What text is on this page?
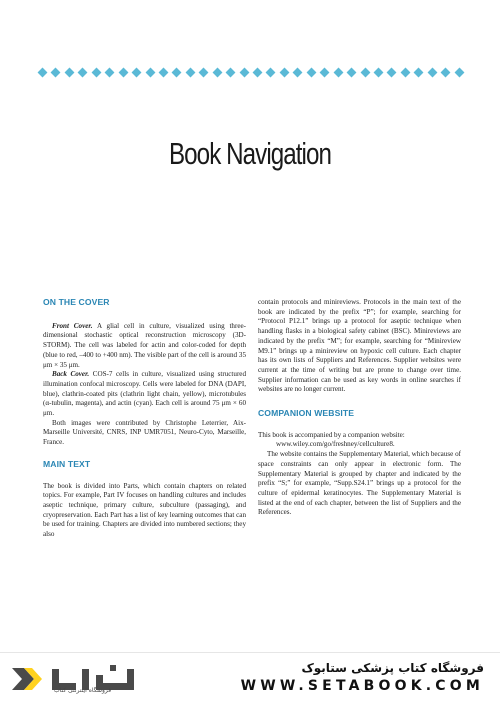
Book Navigation
ON THE COVER

Front Cover. A glial cell in culture, visualized using three-dimensional stochastic optical reconstruction microscopy (3D-STORM). The cell was labeled for actin and color-coded for depth (blue to red, –400 to +400 nm). The visible part of the cell is around 35 μm × 35 μm.

Back Cover. COS-7 cells in culture, visualized using structured illumination confocal microscopy. Cells were labeled for DNA (DAPI, blue), clathrin-coated pits (clathrin light chain, yellow), microtubules (α-tubulin, magenta), and actin (cyan). Each cell is around 75 μm × 60 μm.

Both images were contributed by Christophe Leterrier, Aix-Marseille Université, CNRS, INP UMR7051, Neuro-Cyto, Marseille, France.

MAIN TEXT

The book is divided into Parts, which contain chapters on related topics. For example, Part IV focuses on handling cultures and includes aseptic technique, primary culture, subculture (passaging), and cryopreservation. Each Part has a list of key learning outcomes that can be used for training. Chapters are divided into numbered sections; they also

contain protocols and minireviews. Protocols in the main text of the book are indicated by the prefix “P”; for example, searching for “Protocol P12.1” brings up a protocol for aseptic technique when handling flasks in a biological safety cabinet (BSC). Minireviews are indicated by the prefix “M”; for example, searching for “Minireview M9.1” brings up a minireview on hypoxic cell culture. Each chapter has its own lists of Suppliers and References. Supplier websites were current at the time of writing but are prone to change over time. Supplier information can be used as key words in online searches if websites are no longer current.

COMPANION WEBSITE

This book is accompanied by a companion website:

www.wiley.com/go/freshney/cellculture8.

The website contains the Supplementary Material, which because of space constraints can only appear in electronic form. The Supplementary Material is grouped by chapter and indicated by the prefix “S;” for example, “Supp.S24.1” brings up a protocol for the culture of epidermal keratinocytes. The Supplementary Material is listed at the end of each chapter, between the list of Suppliers and the References.

فروشگاه اینترنتی کتاب
فروشگاه کتاب پزشکی ستابوک
WWW.SETABOOK.COM
